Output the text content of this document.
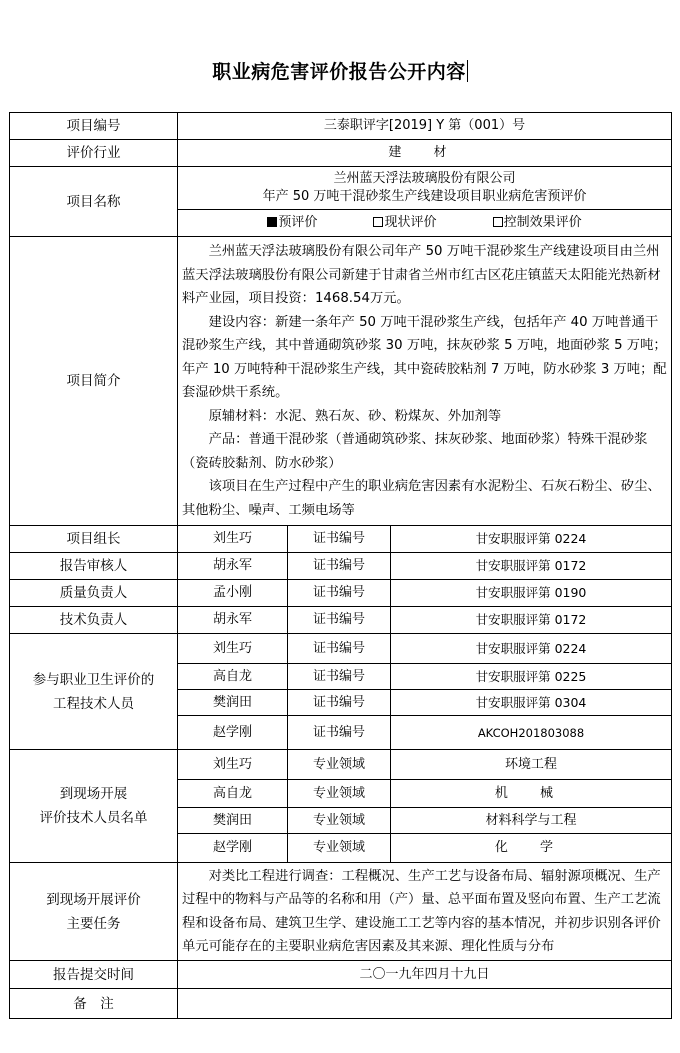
职业病危害评价报告公开内容
项目编号	三泰职评字[2019] Y 第（001）号		
评价行业	建 材		
项目名称	兰州蓝天浮法玻璃股份有限公司
年产 50 万吨干混砂浆生产线建设项目职业病危害预评价		

	预评价 现状评价 控制效果评价		
项目简介	兰州蓝天浮法玻璃股份有限公司年产 50 万吨干混砂浆生产线建设项目由兰州蓝天浮法玻璃股份有限公司新建于甘肃省兰州市红古区花庄镇蓝天太阳能光热新材料产业园，项目投资：1468.54万元。

建设内容：新建一条年产 50 万吨干混砂浆生产线，包括年产 40 万吨普通干混砂浆生产线，其中普通砌筑砂浆 30 万吨，抹灰砂浆 5 万吨，地面砂浆 5 万吨；年产 10 万吨特种干混砂浆生产线，其中瓷砖胶粘剂 7 万吨，防水砂浆 3 万吨；配套湿砂烘干系统。

原辅材料：水泥、熟石灰、砂、粉煤灰、外加剂等

产品：普通干混砂浆（普通砌筑砂浆、抹灰砂浆、地面砂浆）特殊干混砂浆（瓷砖胶黏剂、防水砂浆）

该项目在生产过程中产生的职业病危害因素有水泥粉尘、石灰石粉尘、矽尘、其他粉尘、噪声、工频电场等		

项目组长	刘生巧	证书编号	甘安职服评第 0224
报告审核人	胡永军	证书编号	甘安职服评第 0172
质量负责人	孟小刚	证书编号	甘安职服评第 0190
技术负责人	胡永军	证书编号	甘安职服评第 0172

参与职业卫生评价的
工程技术人员	刘生巧	证书编号	甘安职服评第 0224
	高自龙	证书编号	甘安职服评第 0225
	樊润田	证书编号	甘安职服评第 0304
	赵学刚	证书编号	AKCOH201803088

到现场开展
评价技术人员名单	刘生巧	专业领域	环境工程
	高自龙	专业领域	机 械
	樊润田	专业领域	材料科学与工程
	赵学刚	专业领域	化 学

到现场开展评价
主要任务	对类比工程进行调查：工程概况、生产工艺与设备布局、辐射源项概况、生产过程中的物料与产品等的名称和用（产）量、总平面布置及竖向布置、生产工艺流程和设备布局、建筑卫生学、建设施工工艺等内容的基本情况，并初步识别各评价单元可能存在的主要职业病危害因素及其来源、理化性质与分布		

报告提交时间	二〇一九年四月十九日		
备　注			
